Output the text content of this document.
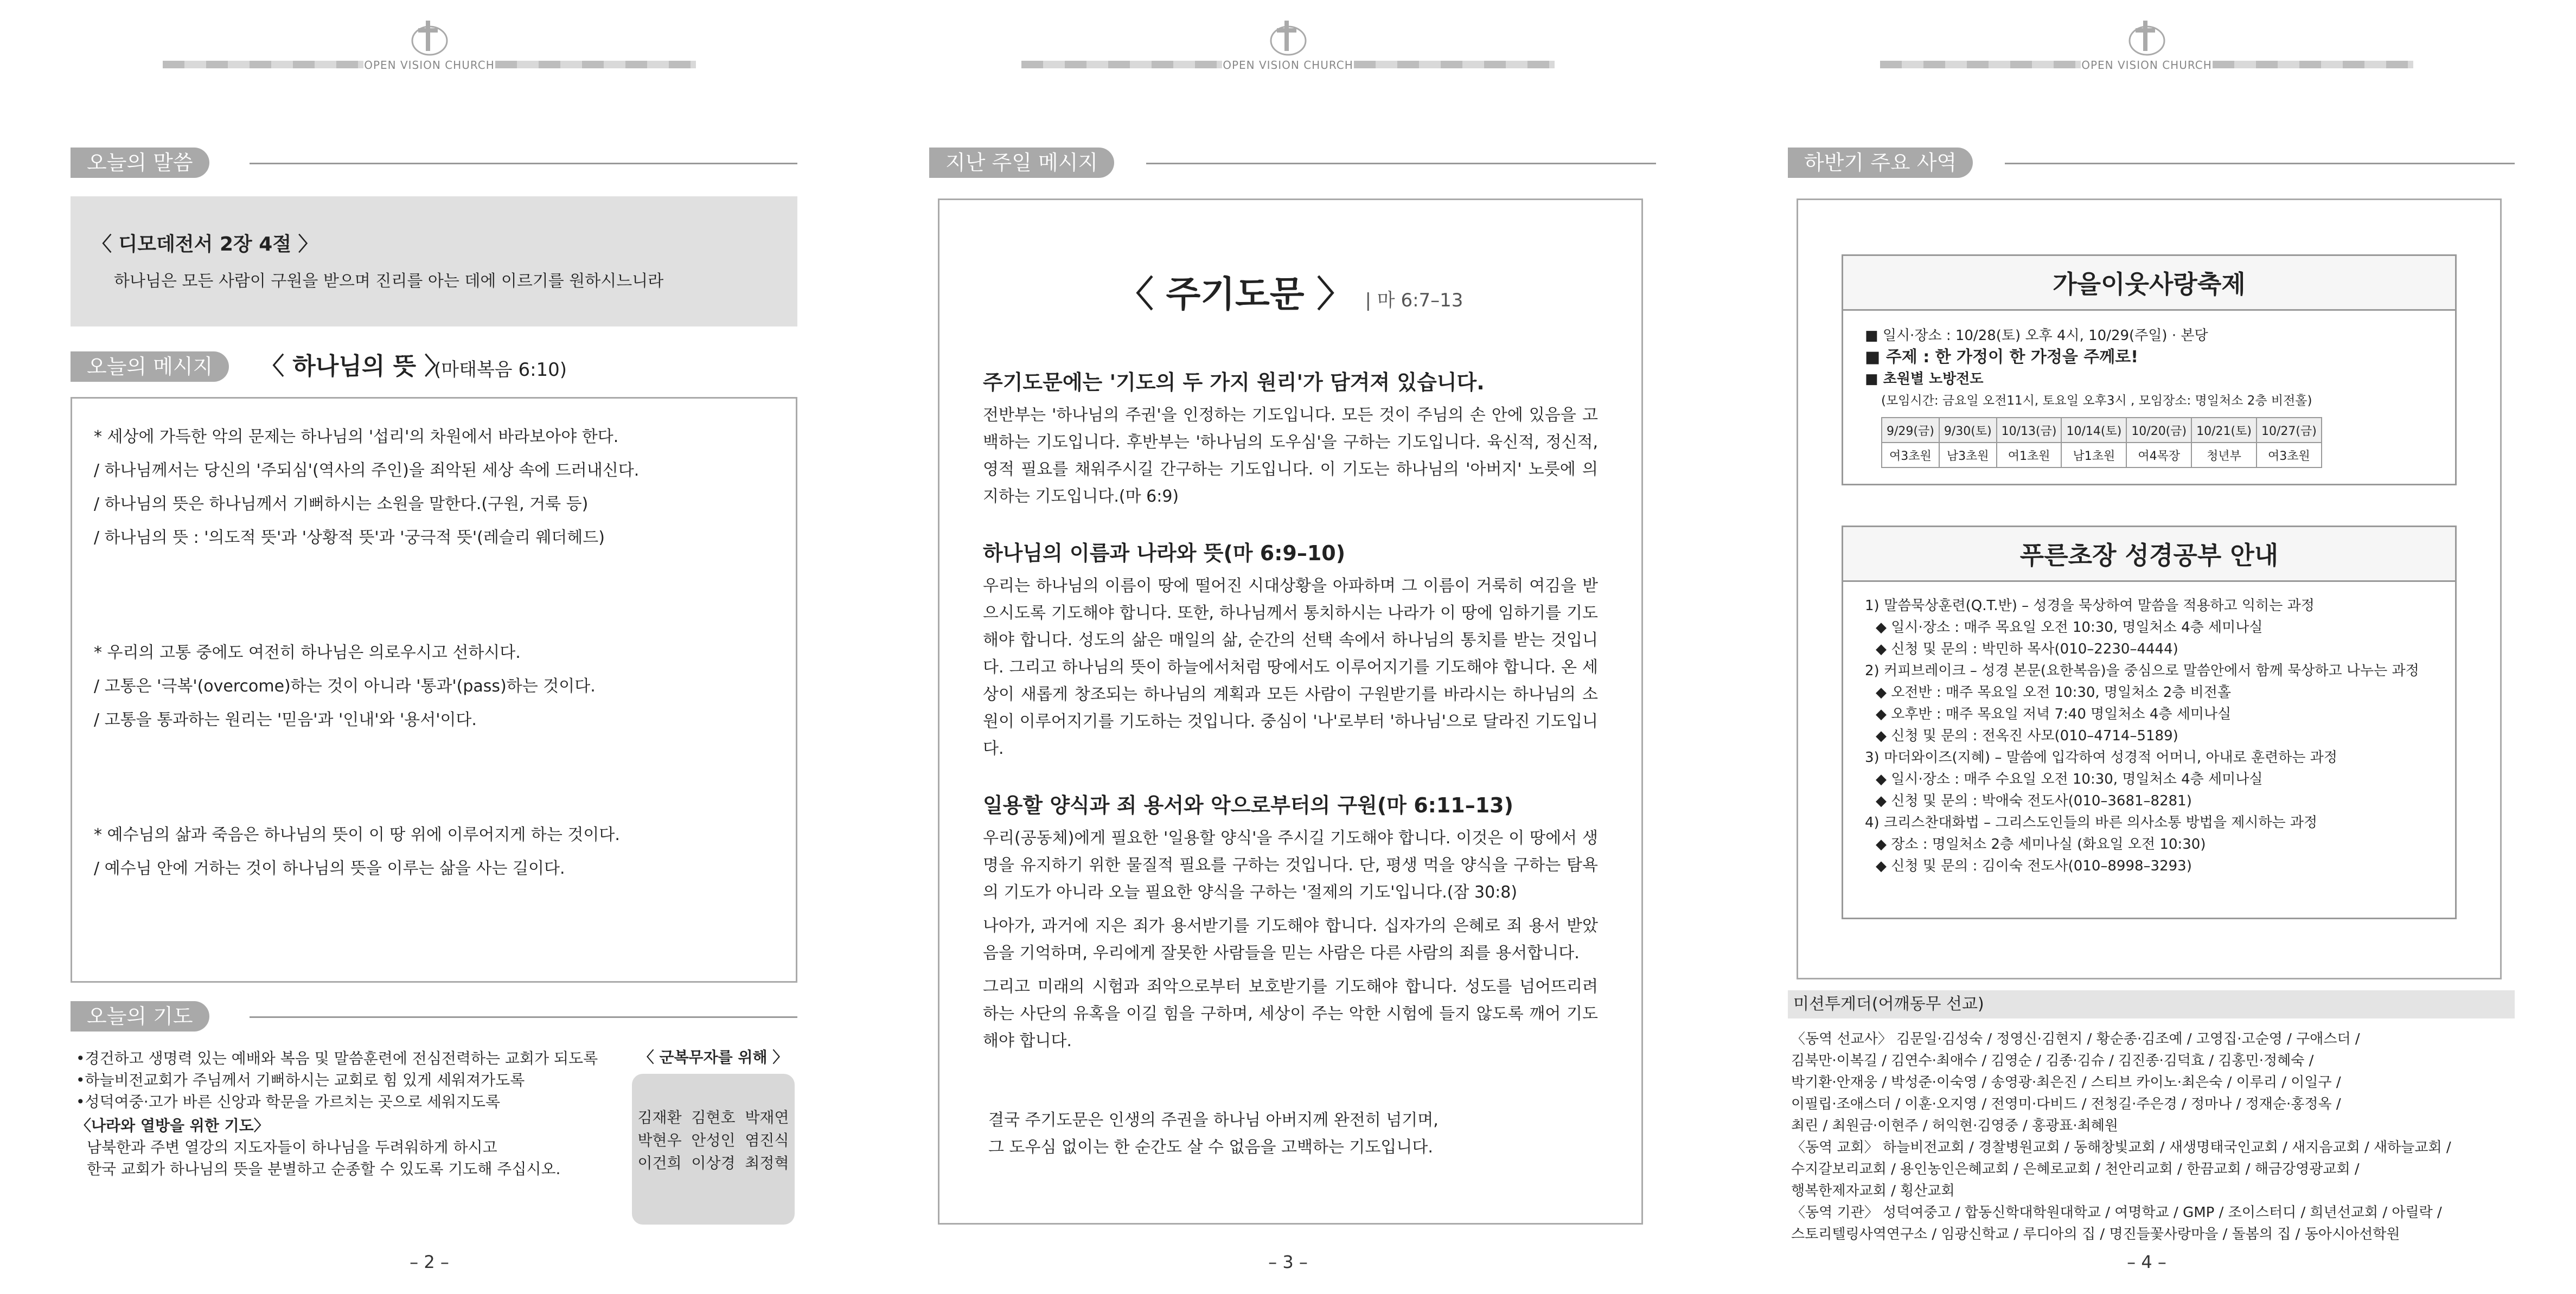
OPEN VISION CHURCH
오늘의 말씀

〈 디모데전서 2장 4절 〉

하나님은 모든 사람이 구원을 받으며 진리를 아는 데에 이르기를 원하시느니라

오늘의 메시지	〈 하나님의 뜻 〉
(마태복음 6:10)

* 세상에 가득한 악의 문제는 하나님의 '섭리'의 차원에서 바라보아야 한다.

/ 하나님께서는 당신의 '주되심'(역사의 주인)을 죄악된 세상 속에 드러내신다.

/ 하나님의 뜻은 하나님께서 기뻐하시는 소원을 말한다.(구원, 거룩 등)

/ 하나님의 뜻 : '의도적 뜻'과 '상황적 뜻'과 '궁극적 뜻'(레슬리 웨더헤드)

* 우리의 고통 중에도 여전히 하나님은 의로우시고 선하시다.

/ 고통은 '극복'(overcome)하는 것이 아니라 '통과'(pass)하는 것이다.

/ 고통을 통과하는 원리는 '믿음'과 '인내'와 '용서'이다.

* 예수님의 삶과 죽음은 하나님의 뜻이 이 땅 위에 이루어지게 하는 것이다.

/ 예수님 안에 거하는 것이 하나님의 뜻을 이루는 삶을 사는 길이다.

오늘의 기도

•경건하고 생명력 있는 예배와 복음 및 말씀훈련에 전심전력하는 교회가 되도록

•하늘비전교회가 주님께서 기뻐하시는 교회로 힘 있게 세워져가도록

•성덕여중·고가 바른 신앙과 학문을 가르치는 곳으로 세워지도록

〈나라와 열방을 위한 기도〉

남북한과 주변 열강의 지도자들이 하나님을 두려워하게 하시고

한국 교회가 하나님의 뜻을 분별하고 순종할 수 있도록 기도해 주십시오.

〈 군복무자를 위해 〉

김재환  김현호  박재연

박현우  안성인  염진식

이건희  이상경  최정혁

– 2 –
OPEN VISION CHURCH
지난 주일 메시지
〈 주기도문 〉 | 마 6:7–13

주기도문에는 '기도의 두 가지 원리'가 담겨져 있습니다.

전반부는 '하나님의 주권'을 인정하는 기도입니다. 모든 것이 주님의 손 안에 있음을 고백하는 기도입니다. 후반부는 '하나님의 도우심'을 구하는 기도입니다. 육신적, 정신적, 영적 필요를 채워주시길 간구하는 기도입니다. 이 기도는 하나님의 '아버지' 노릇에 의지하는 기도입니다.(마 6:9)

하나님의 이름과 나라와 뜻(마 6:9–10)

우리는 하나님의 이름이 땅에 떨어진 시대상황을 아파하며 그 이름이 거룩히 여김을 받으시도록 기도해야 합니다. 또한, 하나님께서 통치하시는 나라가 이 땅에 임하기를 기도해야 합니다. 성도의 삶은 매일의 삶, 순간의 선택 속에서 하나님의 통치를 받는 것입니다. 그리고 하나님의 뜻이 하늘에서처럼 땅에서도 이루어지기를 기도해야 합니다. 온 세상이 새롭게 창조되는 하나님의 계획과 모든 사람이 구원받기를 바라시는 하나님의 소원이 이루어지기를 기도하는 것입니다. 중심이 '나'로부터 '하나님'으로 달라진 기도입니다.

일용할 양식과 죄 용서와 악으로부터의 구원(마 6:11–13)

우리(공동체)에게 필요한 '일용할 양식'을 주시길 기도해야 합니다. 이것은 이 땅에서 생명을 유지하기 위한 물질적 필요를 구하는 것입니다. 단, 평생 먹을 양식을 구하는 탐욕의 기도가 아니라 오늘 필요한 양식을 구하는 '절제의 기도'입니다.(잠 30:8)

나아가, 과거에 지은 죄가 용서받기를 기도해야 합니다. 십자가의 은혜로 죄 용서 받았음을 기억하며, 우리에게 잘못한 사람들을 믿는 사람은 다른 사람의 죄를 용서합니다.

그리고 미래의 시험과 죄악으로부터 보호받기를 기도해야 합니다. 성도를 넘어뜨리려 하는 사단의 유혹을 이길 힘을 구하며, 세상이 주는 악한 시험에 들지 않도록 깨어 기도해야 합니다.

결국 주기도문은 인생의 주권을 하나님 아버지께 완전히 넘기며,

그 도우심 없이는 한 순간도 살 수 없음을 고백하는 기도입니다.

– 3 –
OPEN VISION CHURCH
하반기 주요 사역
가을이웃사랑축제

■ 일시·장소 : 10/28(토) 오후 4시, 10/29(주일) · 본당

■ 주제 : 한 가정이 한 가정을 주께로!

■ 초원별 노방전도

(모임시간: 금요일 오전11시, 토요일 오후3시 , 모임장소: 명일처소 2층 비전홀)

9/29(금)	9/30(토)	10/13(금)	10/14(토)	10/20(금)	10/21(토)	10/27(금)
여3초원	남3초원	여1초원	남1초원	여4목장	청년부	여3초원
푸른초장 성경공부 안내

1) 말씀묵상훈련(Q.T.반) – 성경을 묵상하여 말씀을 적용하고 익히는 과정

◆ 일시·장소 : 매주 목요일 오전 10:30, 명일처소 4층 세미나실

◆ 신청 및 문의 : 박민하 목사(010–2230–4444)

2) 커피브레이크 – 성경 본문(요한복음)을 중심으로 말씀안에서 함께 묵상하고 나누는 과정

◆ 오전반 : 매주 목요일 오전 10:30, 명일처소 2층 비전홀

◆ 오후반 : 매주 목요일 저녁 7:40 명일처소 4층 세미나실

◆ 신청 및 문의 : 전옥진 사모(010–4714–5189)

3) 마더와이즈(지혜) – 말씀에 입각하여 성경적 어머니, 아내로 훈련하는 과정

◆ 일시·장소 : 매주 수요일 오전 10:30, 명일처소 4층 세미나실

◆ 신청 및 문의 : 박애숙 전도사(010–3681–8281)

4) 크리스찬대화법 – 그리스도인들의 바른 의사소통 방법을 제시하는 과정

◆ 장소 : 명일처소 2층 세미나실 (화요일 오전 10:30)

◆ 신청 및 문의 : 김이숙 전도사(010–8998–3293)

미션투게더(어깨동무 선교)

〈동역 선교사〉 김문일·김성숙 / 정영신·김현지 / 황순종·김조예 / 고영집·고순영 / 구애스더 /

김북만·이복길 / 김연수·최애수 / 김영순 / 김종·김슈 / 김진종·김덕효 / 김홍민·정혜숙 /

박기환·안재웅 / 박성준·이숙영 / 송영광·최은진 / 스티브 카이노·최은숙 / 이루리 / 이일구 /

이필립·조애스더 / 이훈·오지영 / 전영미·다비드 / 전청길·주은경 / 정마나 / 정재순·홍정옥 /

최린 / 최원금·이현주 / 허익현·김영중 / 홍광표·최혜원

〈동역 교회〉 하늘비전교회 / 경찰병원교회 / 동해창빛교회 / 새생명태국인교회 / 새지음교회 / 새하늘교회 /

수지갈보리교회 / 용인농인은혜교회 / 은혜로교회 / 천안리교회 / 한끔교회 / 해금강영광교회 /

행복한제자교회 / 횡산교회

〈동역 기관〉 성덕여중고 / 합동신학대학원대학교 / 여명학교 / GMP / 조이스터디 / 희년선교회 / 아릴락 /

스토리텔링사역연구소 / 임광신학교 / 루디아의 집 / 명진들꽃사랑마을 / 돌봄의 집 / 동아시아선학원

– 4 –
